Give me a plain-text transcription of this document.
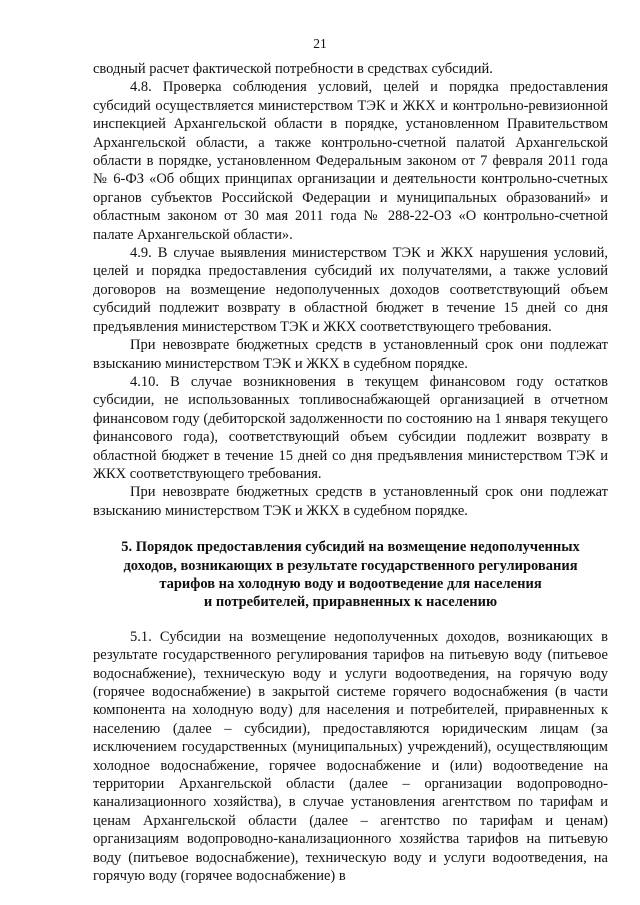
21

сводный расчет фактической потребности в средствах субсидий.

4.8. Проверка соблюдения условий, целей и порядка предоставления субсидий осуществляется министерством ТЭК и ЖКХ и контрольно-ревизионной инспекцией Архангельской области в порядке, установленном Правительством Архангельской области, а также контрольно-счетной палатой Архангельской области в порядке, установленном Федеральным законом от 7 февраля 2011 года № 6-ФЗ «Об общих принципах организации и деятельности контрольно-счетных органов субъектов Российской Федерации и муниципальных образований» и областным законом от 30 мая 2011 года № 288-22-ОЗ «О контрольно-счетной палате Архангельской области».

4.9. В случае выявления министерством ТЭК и ЖКХ нарушения условий, целей и порядка предоставления субсидий их получателями, а также условий договоров на возмещение недополученных доходов соответствующий объем субсидий подлежит возврату в областной бюджет в течение 15 дней со дня предъявления министерством ТЭК и ЖКХ соответствующего требования.

При невозврате бюджетных средств в установленный срок они подлежат взысканию министерством ТЭК и ЖКХ в судебном порядке.

4.10. В случае возникновения в текущем финансовом году остатков субсидии, не использованных топливоснабжающей организацией в отчетном финансовом году (дебиторской задолженности по состоянию на 1 января текущего финансового года), соответствующий объем субсидии подлежит возврату в областной бюджет в течение 15 дней со дня предъявления министерством ТЭК и ЖКХ соответствующего требования.

При невозврате бюджетных средств в установленный срок они подлежат взысканию министерством ТЭК и ЖКХ в судебном порядке.

5. Порядок предоставления субсидий на возмещение недополученных
доходов, возникающих в результате государственного регулирования
тарифов на холодную воду и водоотведение для населения
и потребителей, приравненных к населению

5.1. Субсидии на возмещение недополученных доходов, возникающих в результате государственного регулирования тарифов на питьевую воду (питьевое водоснабжение), техническую воду и услуги водоотведения, на горячую воду (горячее водоснабжение) в закрытой системе горячего водоснабжения (в части компонента на холодную воду) для населения и потребителей, приравненных к населению (далее – субсидии), предоставляются юридическим лицам (за исключением государственных (муниципальных) учреждений), осуществляющим холодное водоснабжение, горячее водоснабжение и (или) водоотведение на территории Архангельской области (далее – организации водопроводно-канализационного хозяйства), в случае установления агентством по тарифам и ценам Архангельской области (далее – агентство по тарифам и ценам) организациям водопроводно-канализационного хозяйства тарифов на питьевую воду (питьевое водоснабжение), техническую воду и услуги водоотведения, на горячую воду (горячее водоснабжение) в
